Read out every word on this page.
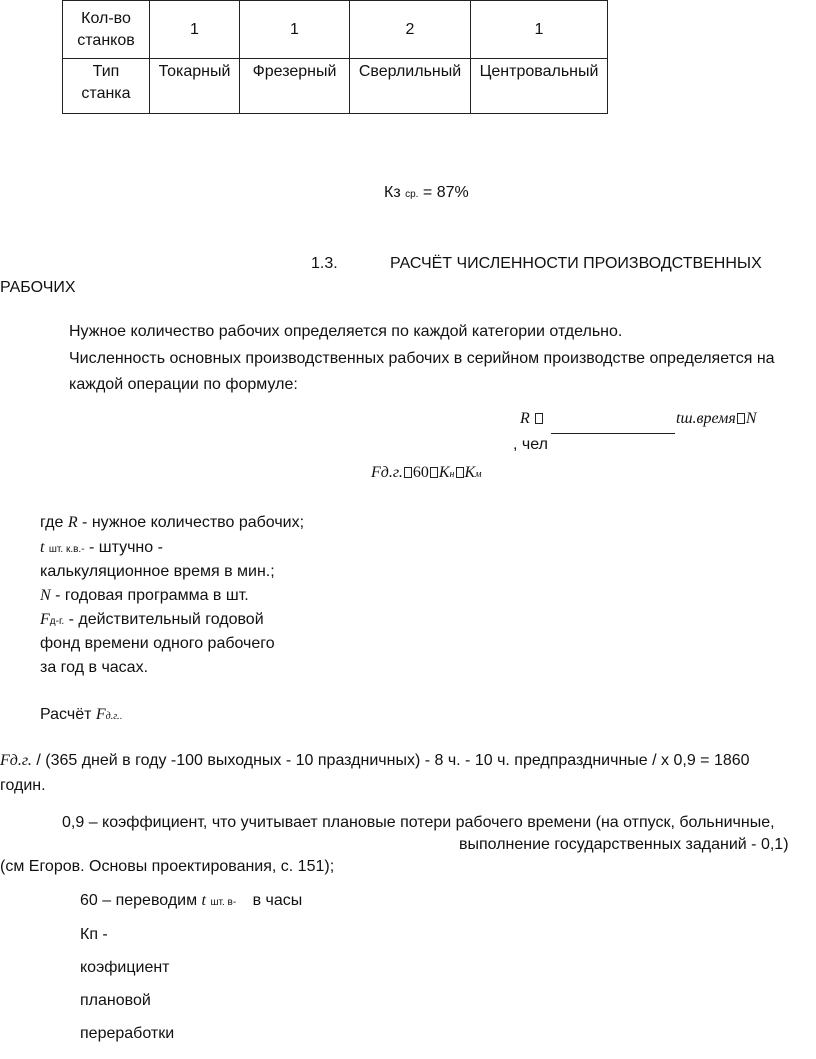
Кол-во станков	1	1	2	1
Тип станка	Токарный	Фрезерный	Сверлильный	Центровальный
Кз ср. = 87%
1.3.	РАСЧЁТ ЧИСЛЕННОСТИ ПРОИЗВОДСТВЕННЫХ
РАБОЧИХ
Нужное количество рабочих определяется по каждой категории отдельно.
Численность основных производственных рабочих в серийном производстве определяется на
каждой операции по формуле:
R	tш.время N
, чел
Fд.г. 60 Кн Км
где R - нужное количество рабочих;
t шт. к.в.- - штучно -
калькуляционное время в мин.;
N - годовая программа в шт.
Fд-г. - действительный годовой
фонд времени одного рабочего
за год в часах.
Расчёт Fд.г..
Fд.г. / (365 дней в году -100 выходных - 10 праздничных) - 8 ч. - 10 ч. предпраздничные / х 0,9 = 1860
годин.
0,9 – коэффициент, что учитывает плановые потери рабочего времени (на отпуск, больничные,
выполнение государственных заданий - 0,1)
(см Егоров. Основы проектирования, с. 151);
60 – переводим t шт. в- в часы
Кп -
коэфициент
плановой
переработки
